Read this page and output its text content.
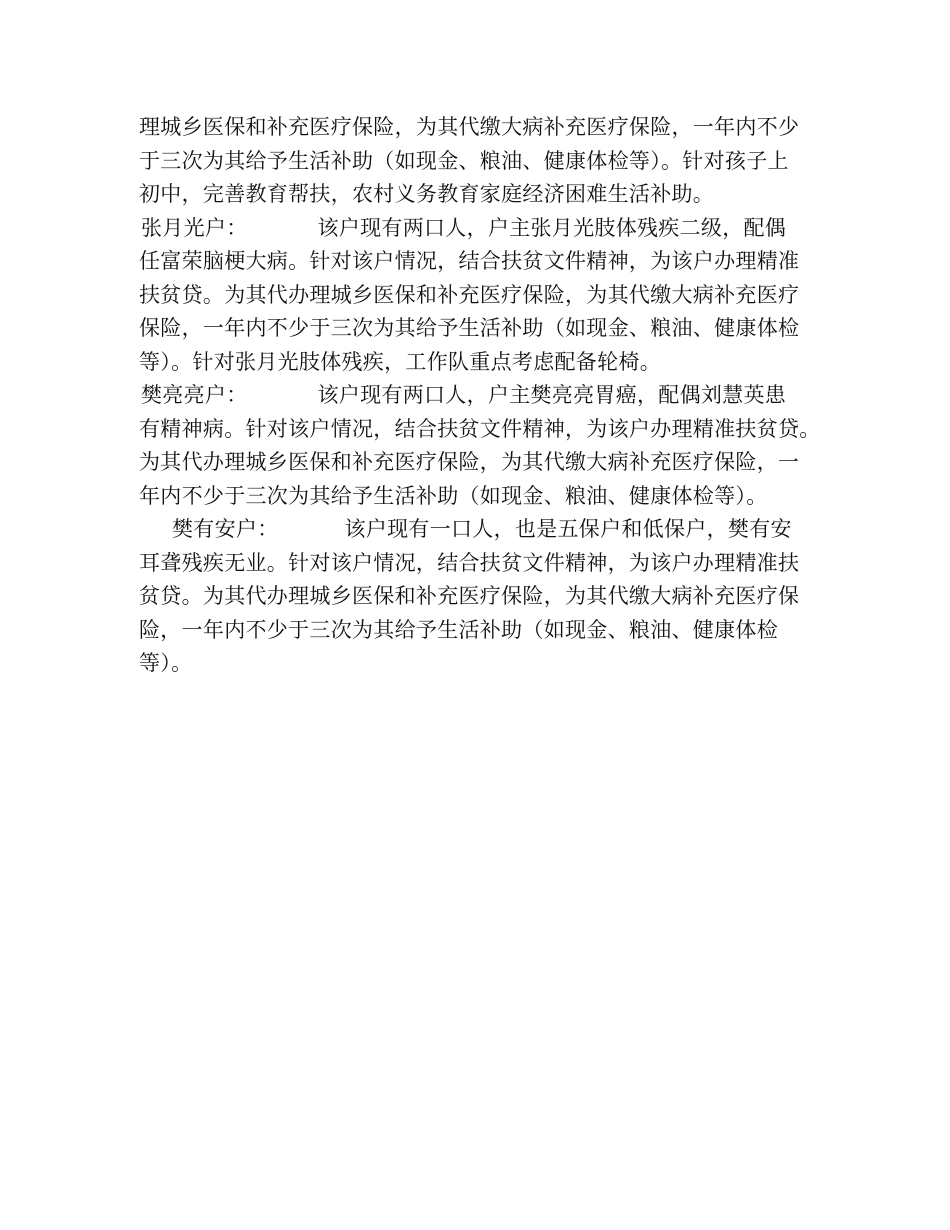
理城乡医保和补充医疗保险，为其代缴大病补充医疗保险，一年内不少
于三次为其给予生活补助（如现金、粮油、健康体检等）。针对孩子上
初中，完善教育帮扶，农村义务教育家庭经济困难生活补助。
张月光户：	该户现有两口人，户主张月光肢体残疾二级，配偶
任富荣脑梗大病。针对该户情况，结合扶贫文件精神，为该户办理精准
扶贫贷。为其代办理城乡医保和补充医疗保险，为其代缴大病补充医疗
保险，一年内不少于三次为其给予生活补助（如现金、粮油、健康体检
等）。针对张月光肢体残疾，工作队重点考虑配备轮椅。
樊亮亮户：	该户现有两口人，户主樊亮亮胃癌，配偶刘慧英患
有精神病。针对该户情况，结合扶贫文件精神，为该户办理精准扶贫贷。
为其代办理城乡医保和补充医疗保险，为其代缴大病补充医疗保险，一
年内不少于三次为其给予生活补助（如现金、粮油、健康体检等）。
樊有安户：	该户现有一口人，也是五保户和低保户，樊有安
耳聋残疾无业。针对该户情况，结合扶贫文件精神，为该户办理精准扶
贫贷。为其代办理城乡医保和补充医疗保险，为其代缴大病补充医疗保
险，一年内不少于三次为其给予生活补助（如现金、粮油、健康体检
等）。
